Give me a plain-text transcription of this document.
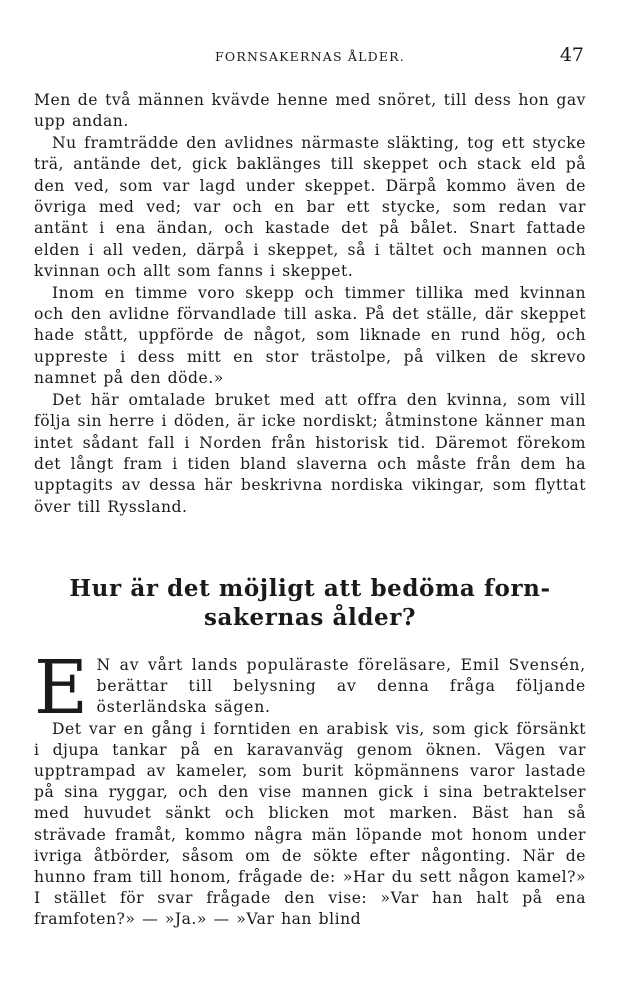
FORNSAKERNAS ÅLDER.	47

Men de två männen kvävde henne med snöret, till dess hon gav upp andan.

Nu framträdde den avlidnes närmaste släkting, tog ett stycke trä, antände det, gick baklänges till skeppet och stack eld på den ved, som var lagd under skeppet. Därpå kommo även de övriga med ved; var och en bar ett stycke, som redan var antänt i ena ändan, och kastade det på bålet. Snart fattade elden i all veden, därpå i skeppet, så i tältet och mannen och kvinnan och allt som fanns i skeppet.

Inom en timme voro skepp och timmer tillika med kvinnan och den avlidne förvandlade till aska. På det ställe, där skeppet hade stått, uppförde de något, som liknade en rund hög, och uppreste i dess mitt en stor trästolpe, på vilken de skrevo namnet på den döde.»

Det här omtalade bruket med att offra den kvinna, som vill följa sin herre i döden, är icke nordiskt; åtminstone känner man intet sådant fall i Norden från historisk tid. Däremot förekom det långt fram i tiden bland slaverna och måste från dem ha upptagits av dessa här beskrivna nordiska vikingar, som flyttat över till Ryssland.

Hur är det möjligt att bedöma forn-
sakernas ålder?

E N av vårt lands populäraste föreläsare, Emil Svensén, berättar till belysning av denna fråga följande österländska sägen.

Det var en gång i forntiden en arabisk vis, som gick försänkt i djupa tankar på en karavanväg genom öknen. Vägen var upptrampad av kameler, som burit köpmännens varor lastade på sina ryggar, och den vise mannen gick i sina betraktelser med huvudet sänkt och blicken mot marken. Bäst han så strävade framåt, kommo några män löpande mot honom under ivriga åtbörder, såsom om de sökte efter någonting. När de hunno fram till honom, frågade de: »Har du sett någon kamel?» I stället för svar frågade den vise: »Var han halt på ena framfoten?» — »Ja.» — »Var han blind
